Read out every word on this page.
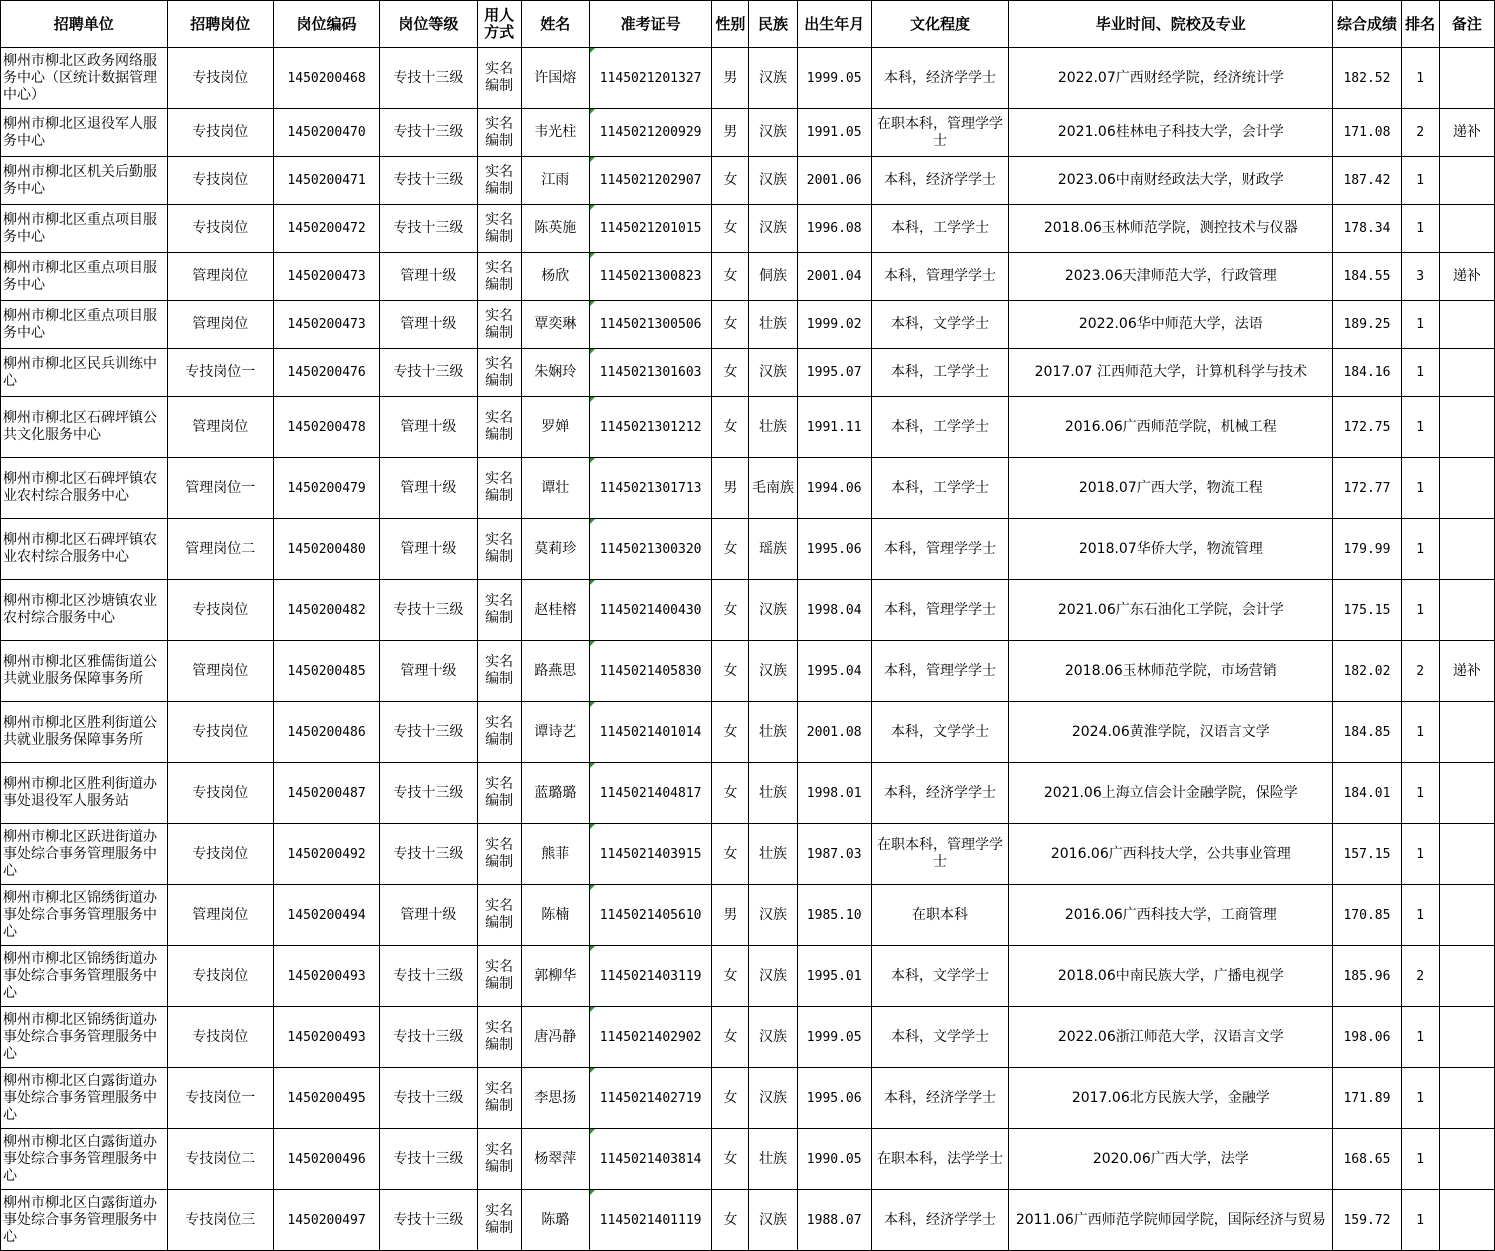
招聘单位	招聘岗位	岗位编码	岗位等级	用人方式	姓名	准考证号	性别	民族	出生年月	文化程度	毕业时间、院校及专业	综合成绩	排名	备注
柳州市柳北区政务网络服务中心（区统计数据管理中心）	专技岗位	1450200468	专技十三级	实名编制	许国熔	1145021201327	男	汉族	1999.05	本科，经济学学士	2022.07广西财经学院，经济统计学	182.52	1	
柳州市柳北区退役军人服务中心	专技岗位	1450200470	专技十三级	实名编制	韦光柱	1145021200929	男	汉族	1991.05	在职本科，管理学学士	2021.06桂林电子科技大学，会计学	171.08	2	递补
柳州市柳北区机关后勤服务中心	专技岗位	1450200471	专技十三级	实名编制	江雨	1145021202907	女	汉族	2001.06	本科，经济学学士	2023.06中南财经政法大学，财政学	187.42	1	
柳州市柳北区重点项目服务中心	专技岗位	1450200472	专技十三级	实名编制	陈英施	1145021201015	女	汉族	1996.08	本科，工学学士	2018.06玉林师范学院，测控技术与仪器	178.34	1	
柳州市柳北区重点项目服务中心	管理岗位	1450200473	管理十级	实名编制	杨欣	1145021300823	女	侗族	2001.04	本科，管理学学士	2023.06天津师范大学，行政管理	184.55	3	递补
柳州市柳北区重点项目服务中心	管理岗位	1450200473	管理十级	实名编制	覃奕琳	1145021300506	女	壮族	1999.02	本科，文学学士	2022.06华中师范大学，法语	189.25	1	
柳州市柳北区民兵训练中心	专技岗位一	1450200476	专技十三级	实名编制	朱娴玲	1145021301603	女	汉族	1995.07	本科，工学学士	2017.07 江西师范大学，计算机科学与技术	184.16	1	
柳州市柳北区石碑坪镇公共文化服务中心	管理岗位	1450200478	管理十级	实名编制	罗婵	1145021301212	女	壮族	1991.11	本科，工学学士	2016.06广西师范学院，机械工程	172.75	1	
柳州市柳北区石碑坪镇农业农村综合服务中心	管理岗位一	1450200479	管理十级	实名编制	谭壮	1145021301713	男	毛南族	1994.06	本科，工学学士	2018.07广西大学，物流工程	172.77	1	
柳州市柳北区石碑坪镇农业农村综合服务中心	管理岗位二	1450200480	管理十级	实名编制	莫莉珍	1145021300320	女	瑶族	1995.06	本科，管理学学士	2018.07华侨大学，物流管理	179.99	1	
柳州市柳北区沙塘镇农业农村综合服务中心	专技岗位	1450200482	专技十三级	实名编制	赵桂榕	1145021400430	女	汉族	1998.04	本科，管理学学士	2021.06广东石油化工学院，会计学	175.15	1	
柳州市柳北区雅儒街道公共就业服务保障事务所	管理岗位	1450200485	管理十级	实名编制	路燕思	1145021405830	女	汉族	1995.04	本科，管理学学士	2018.06玉林师范学院，市场营销	182.02	2	递补
柳州市柳北区胜利街道公共就业服务保障事务所	专技岗位	1450200486	专技十三级	实名编制	谭诗艺	1145021401014	女	壮族	2001.08	本科，文学学士	2024.06黄淮学院，汉语言文学	184.85	1	
柳州市柳北区胜利街道办事处退役军人服务站	专技岗位	1450200487	专技十三级	实名编制	蓝璐璐	1145021404817	女	壮族	1998.01	本科，经济学学士	2021.06上海立信会计金融学院，保险学	184.01	1	
柳州市柳北区跃进街道办事处综合事务管理服务中心	专技岗位	1450200492	专技十三级	实名编制	熊菲	1145021403915	女	壮族	1987.03	在职本科，管理学学士	2016.06广西科技大学，公共事业管理	157.15	1	
柳州市柳北区锦绣街道办事处综合事务管理服务中心	管理岗位	1450200494	管理十级	实名编制	陈楠	1145021405610	男	汉族	1985.10	在职本科	2016.06广西科技大学，工商管理	170.85	1	
柳州市柳北区锦绣街道办事处综合事务管理服务中心	专技岗位	1450200493	专技十三级	实名编制	郭柳华	1145021403119	女	汉族	1995.01	本科，文学学士	2018.06中南民族大学，广播电视学	185.96	2	
柳州市柳北区锦绣街道办事处综合事务管理服务中心	专技岗位	1450200493	专技十三级	实名编制	唐冯静	1145021402902	女	汉族	1999.05	本科，文学学士	2022.06浙江师范大学，汉语言文学	198.06	1	
柳州市柳北区白露街道办事处综合事务管理服务中心	专技岗位一	1450200495	专技十三级	实名编制	李思扬	1145021402719	女	汉族	1995.06	本科，经济学学士	2017.06北方民族大学，金融学	171.89	1	
柳州市柳北区白露街道办事处综合事务管理服务中心	专技岗位二	1450200496	专技十三级	实名编制	杨翠萍	1145021403814	女	壮族	1990.05	在职本科，法学学士	2020.06广西大学，法学	168.65	1	
柳州市柳北区白露街道办事处综合事务管理服务中心	专技岗位三	1450200497	专技十三级	实名编制	陈璐	1145021401119	女	汉族	1988.07	本科，经济学学士	2011.06广西师范学院师园学院，国际经济与贸易	159.72	1	
